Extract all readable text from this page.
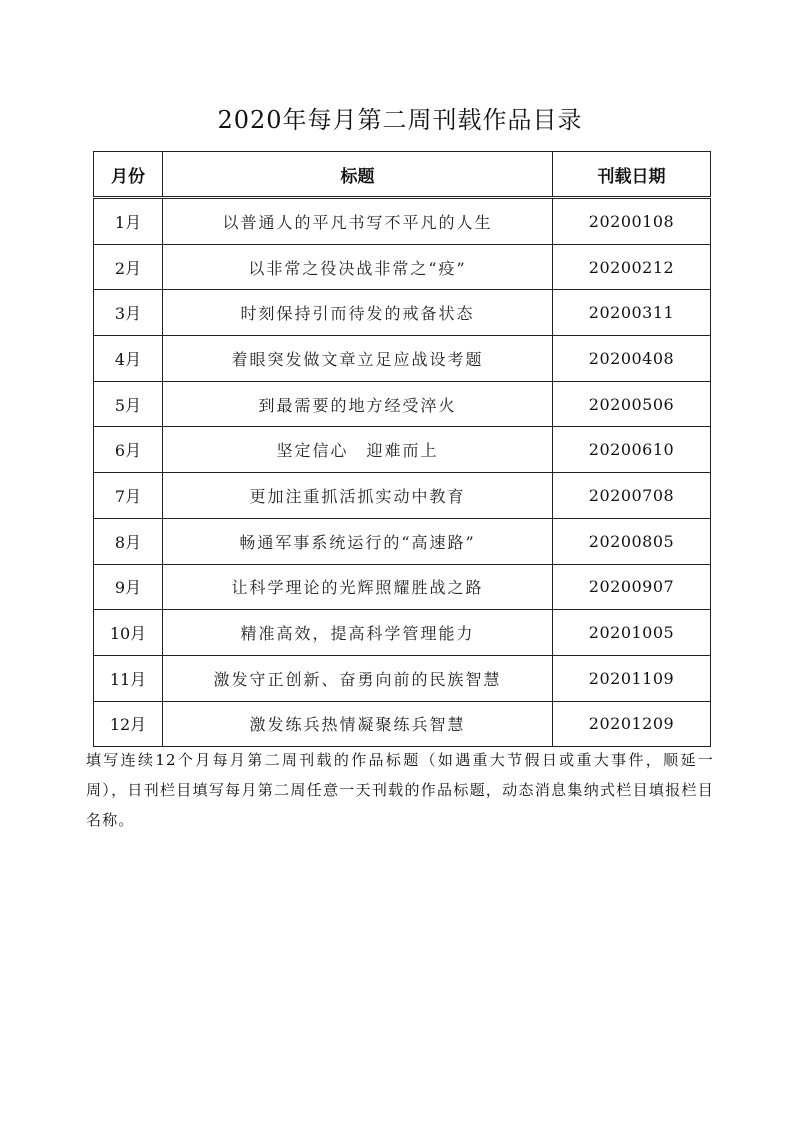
2020年每月第二周刊载作品目录
月份	标题	刊载日期
1月	以普通人的平凡书写不平凡的人生	20200108
2月	以非常之役决战非常之“疫”	20200212
3月	时刻保持引而待发的戒备状态	20200311
4月	着眼突发做文章立足应战设考题	20200408
5月	到最需要的地方经受淬火	20200506
6月	坚定信心　迎难而上	20200610
7月	更加注重抓活抓实动中教育	20200708
8月	畅通军事系统运行的“高速路”	20200805
9月	让科学理论的光辉照耀胜战之路	20200907
10月	精准高效，提高科学管理能力	20201005
11月	激发守正创新、奋勇向前的民族智慧	20201109
12月	激发练兵热情凝聚练兵智慧	20201209

填写连续12个月每月第二周刊载的作品标题（如遇重大节假日或重大事件，顺延一周），日刊栏目填写每月第二周任意一天刊载的作品标题，动态消息集纳式栏目填报栏目名称。
